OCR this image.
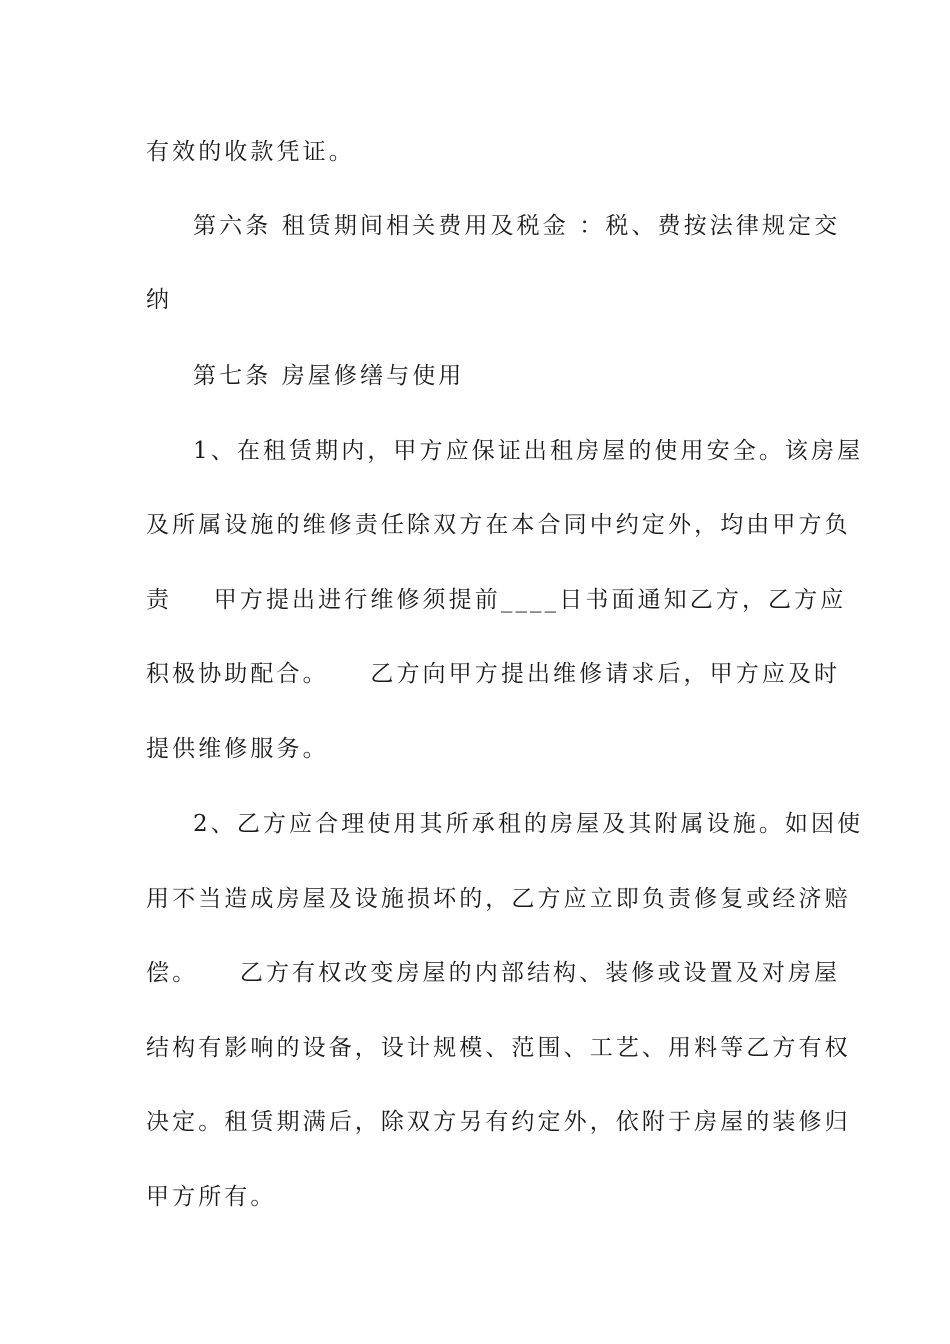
有效的收款凭证。
第六条 租赁期间相关费用及税金 ：税、费按法律规定交
纳
第七条 房屋修缮与使用
1、在租赁期内，甲方应保证出租房屋的使用安全。该房屋
及所属设施的维修责任除双方在本合同中约定外，均由甲方负
责    甲方提出进行维修须提前____日书面通知乙方，乙方应
积极协助配合。    乙方向甲方提出维修请求后，甲方应及时
提供维修服务。
2、乙方应合理使用其所承租的房屋及其附属设施。如因使
用不当造成房屋及设施损坏的，乙方应立即负责修复或经济赔
偿。    乙方有权改变房屋的内部结构、装修或设置及对房屋
结构有影响的设备，设计规模、范围、工艺、用料等乙方有权
决定。租赁期满后，除双方另有约定外，依附于房屋的装修归
甲方所有。
